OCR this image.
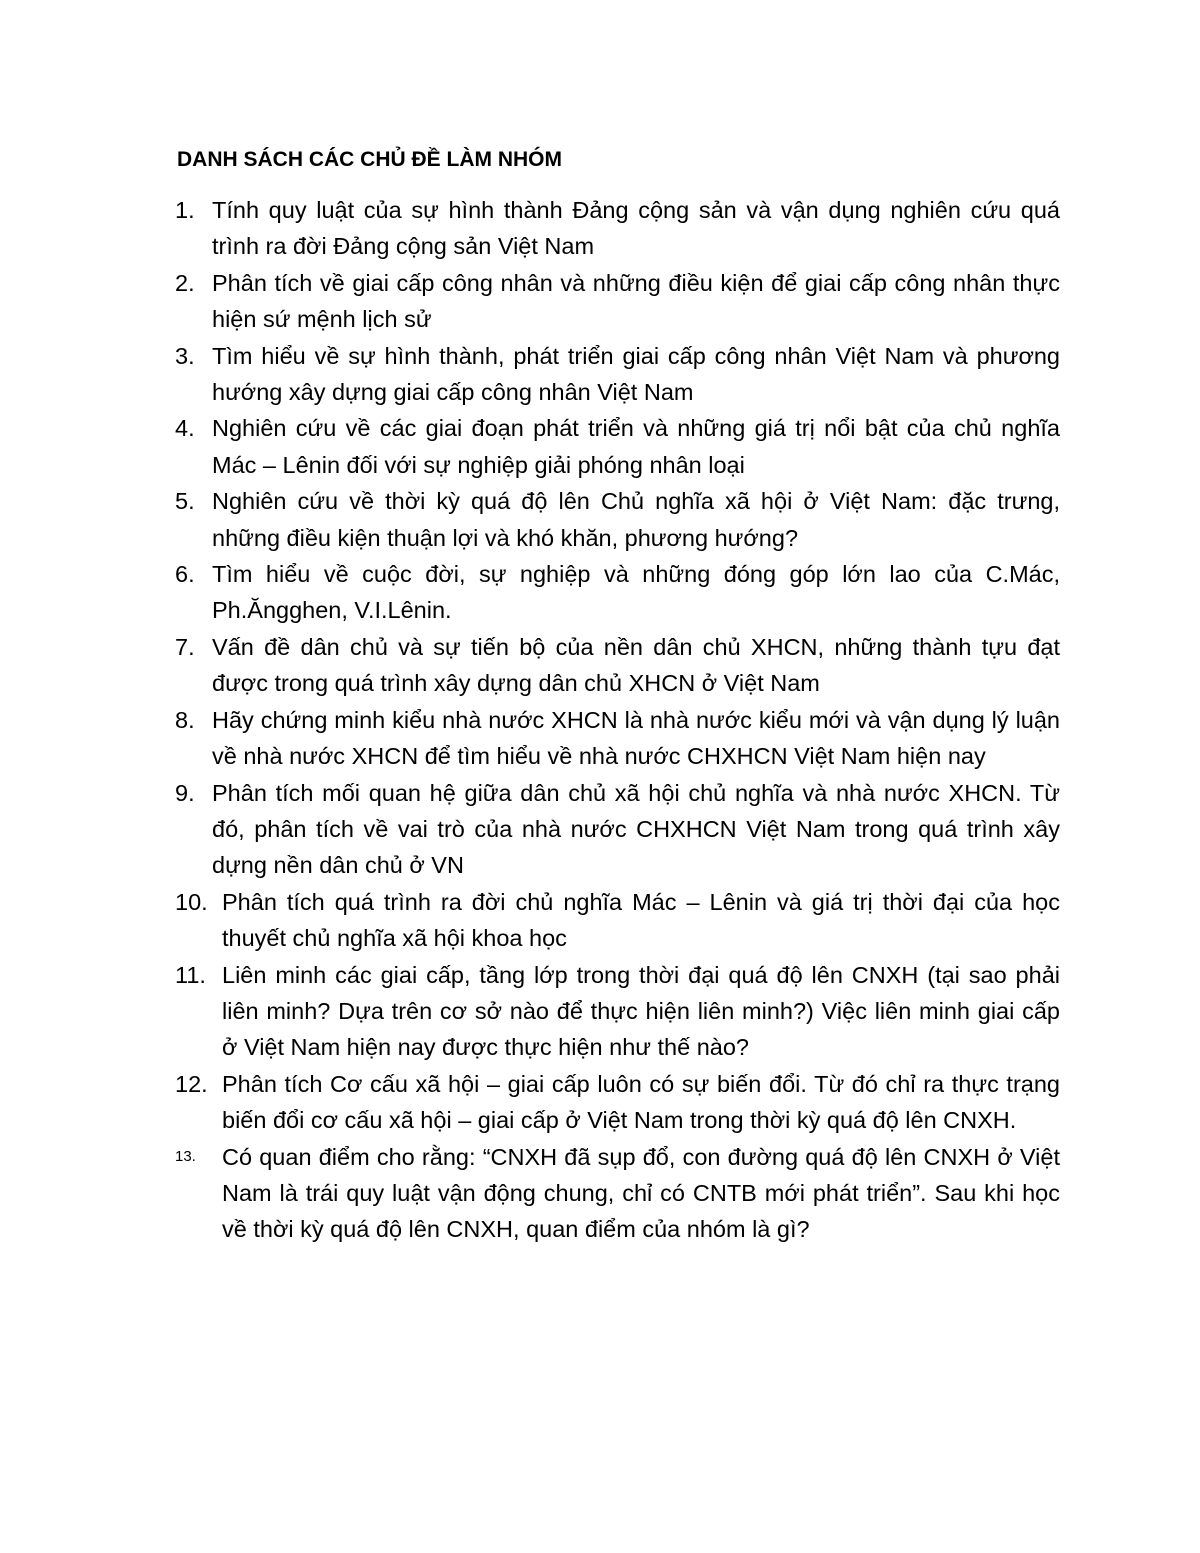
DANH SÁCH CÁC CHỦ ĐỀ LÀM NHÓM
1. Tính quy luật của sự hình thành Đảng cộng sản và vận dụng nghiên cứu quá trình ra đời Đảng cộng sản Việt Nam
2. Phân tích về giai cấp công nhân và những điều kiện để giai cấp công nhân thực hiện sứ mệnh lịch sử
3. Tìm hiểu về sự hình thành, phát triển giai cấp công nhân Việt Nam và phương hướng xây dựng giai cấp công nhân Việt Nam
4. Nghiên cứu về các giai đoạn phát triển và những giá trị nổi bật của chủ nghĩa Mác – Lênin đối với sự nghiệp giải phóng nhân loại
5. Nghiên cứu về thời kỳ quá độ lên Chủ nghĩa xã hội ở Việt Nam: đặc trưng, những điều kiện thuận lợi và khó khăn, phương hướng?
6. Tìm hiểu về cuộc đời, sự nghiệp và những đóng góp lớn lao của C.Mác, Ph.Ăngghen, V.I.Lênin.
7. Vấn đề dân chủ và sự tiến bộ của nền dân chủ XHCN, những thành tựu đạt được trong quá trình xây dựng dân chủ XHCN ở Việt Nam
8. Hãy chứng minh kiểu nhà nước XHCN là nhà nước kiểu mới và vận dụng lý luận về nhà nước XHCN để tìm hiểu về nhà nước CHXHCN Việt Nam hiện nay
9. Phân tích mối quan hệ giữa dân chủ xã hội chủ nghĩa và nhà nước XHCN. Từ đó, phân tích về vai trò của nhà nước CHXHCN Việt Nam trong quá trình xây dựng nền dân chủ ở VN
10. Phân tích quá trình ra đời chủ nghĩa Mác – Lênin và giá trị thời đại của học thuyết chủ nghĩa xã hội khoa học
11. Liên minh các giai cấp, tầng lớp trong thời đại quá độ lên CNXH (tại sao phải liên minh? Dựa trên cơ sở nào để thực hiện liên minh?) Việc liên minh giai cấp ở Việt Nam hiện nay được thực hiện như thế nào?
12. Phân tích Cơ cấu xã hội – giai cấp luôn có sự biến đổi. Từ đó chỉ ra thực trạng biến đổi cơ cấu xã hội – giai cấp ở Việt Nam trong thời kỳ quá độ lên CNXH.
13.	Có quan điểm cho rằng: “CNXH đã sụp đổ, con đường quá độ lên CNXH ở Việt Nam là trái quy luật vận động chung, chỉ có CNTB mới phát triển”. Sau khi học về thời kỳ quá độ lên CNXH, quan điểm của nhóm là gì?
